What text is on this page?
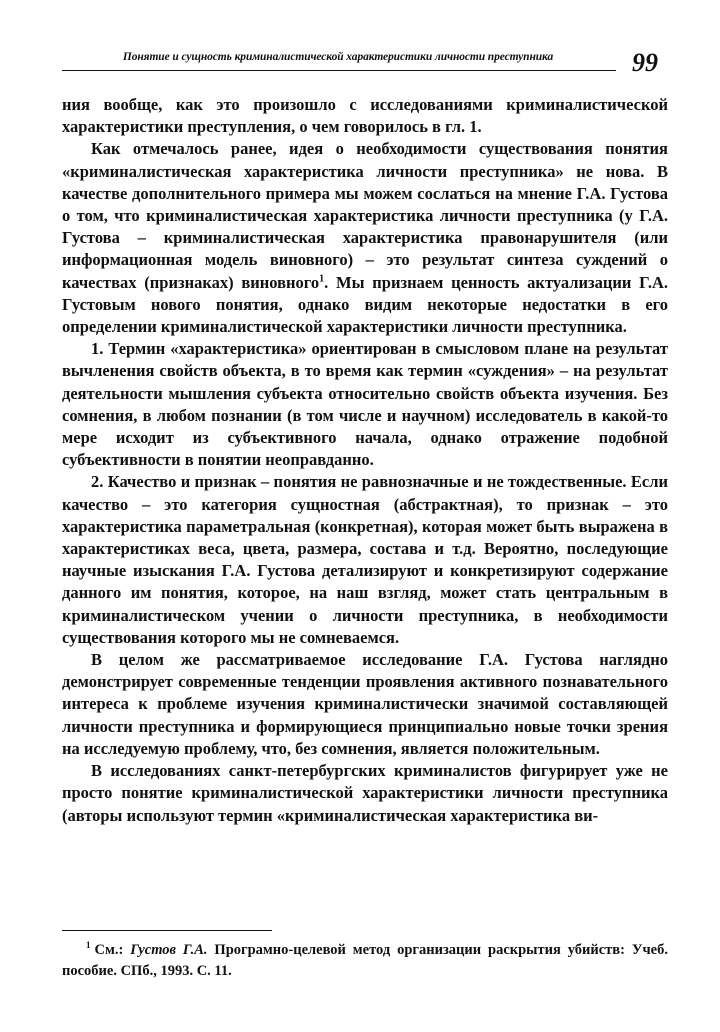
Понятие и сущность криминалистической характеристики личности преступника	99

ния вообще, как это произошло с исследованиями криминалистической характеристики преступления, о чем говорилось в гл. 1.

Как отмечалось ранее, идея о необходимости существования понятия «криминалистическая характеристика личности преступника» не нова. В качестве дополнительного примера мы можем сослаться на мнение Г.А. Густова о том, что криминалистическая характеристика личности преступника (у Г.А. Густова – криминалистическая характеристика правонарушителя (или информационная модель виновного) – это результат синтеза суждений о качествах (признаках) виновного$^1$. Мы признаем ценность актуализации Г.А. Густовым нового понятия, однако видим некоторые недостатки в его определении криминалистической характеристики личности преступника.

1. Термин «характеристика» ориентирован в смысловом плане на результат вычленения свойств объекта, в то время как термин «суждения» – на результат деятельности мышления субъекта относительно свойств объекта изучения. Без сомнения, в любом познании (в том числе и научном) исследователь в какой-то мере исходит из субъективного начала, однако отражение подобной субъективности в понятии неоправданно.

2. Качество и признак – понятия не равнозначные и не тождественные. Если качество – это категория сущностная (абстрактная), то признак – это характеристика параметральная (конкретная), которая может быть выражена в характеристиках веса, цвета, размера, состава и т.д. Вероятно, последующие научные изыскания Г.А. Густова детализируют и конкретизируют содержание данного им понятия, которое, на наш взгляд, может стать центральным в криминалистическом учении о личности преступника, в необходимости существования которого мы не сомневаемся.

В целом же рассматриваемое исследование Г.А. Густова наглядно демонстрирует современные тенденции проявления активного познавательного интереса к проблеме изучения криминалистически значимой составляющей личности преступника и формирующиеся принципиально новые точки зрения на исследуемую проблему, что, без сомнения, является положительным.

В исследованиях санкт-петербургских криминалистов фигурирует уже не просто понятие криминалистической характеристики личности преступника (авторы используют термин «криминалистическая характеристика ви-

$^1$ См.: Густов Г.А. Програмно-целевой метод организации раскрытия убийств: Учеб. пособие. СПб., 1993. С. 11.
